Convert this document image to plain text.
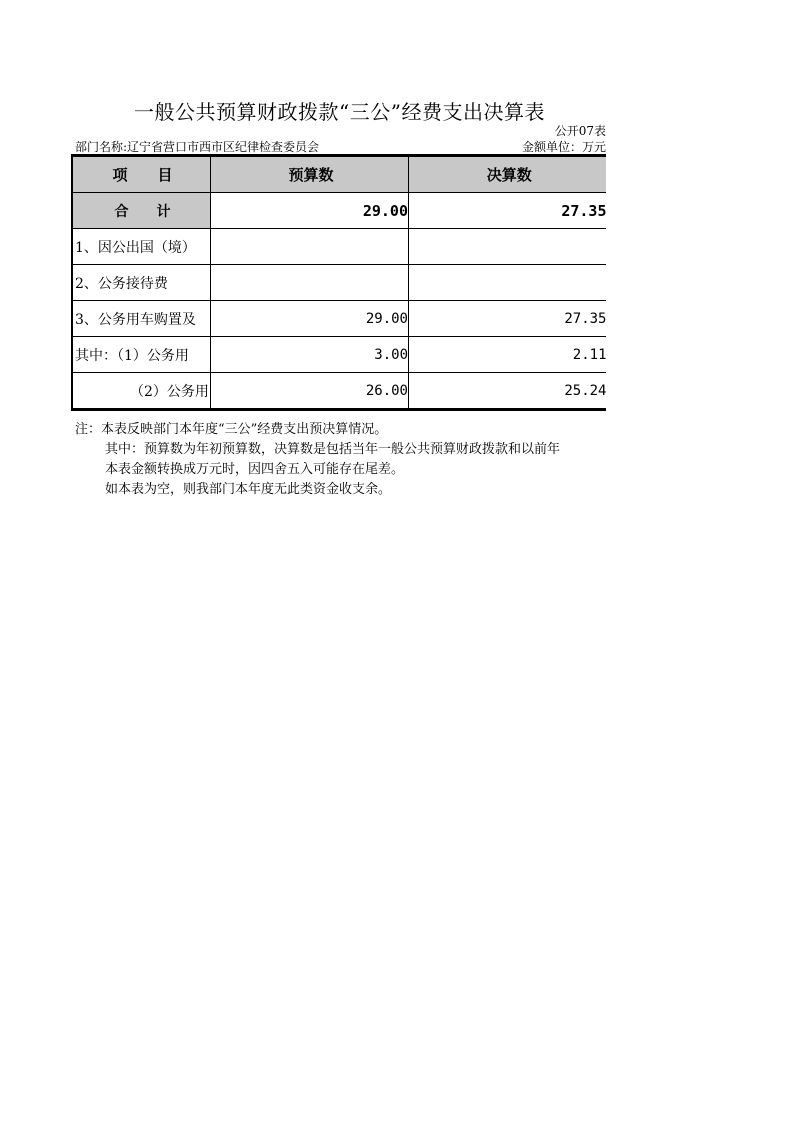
一般公共预算财政拨款“三公”经费支出决算表
公开07表
部门名称:辽宁省营口市西市区纪律检查委员会	金额单位：万元
项　　目	预算数	决算数
合　　计	29.00	27.35
1、因公出国（境）		
2、公务接待费		
3、公务用车购置及	29.00	27.35
其中：（1）公务用	3.00	2.11
（2）公务用	26.00	25.24
注：本表反映部门本年度“三公”经费支出预决算情况。
其中：预算数为年初预算数，决算数是包括当年一般公共预算财政拨款和以前年
本表金额转换成万元时，因四舍五入可能存在尾差。
如本表为空，则我部门本年度无此类资金收支余。
